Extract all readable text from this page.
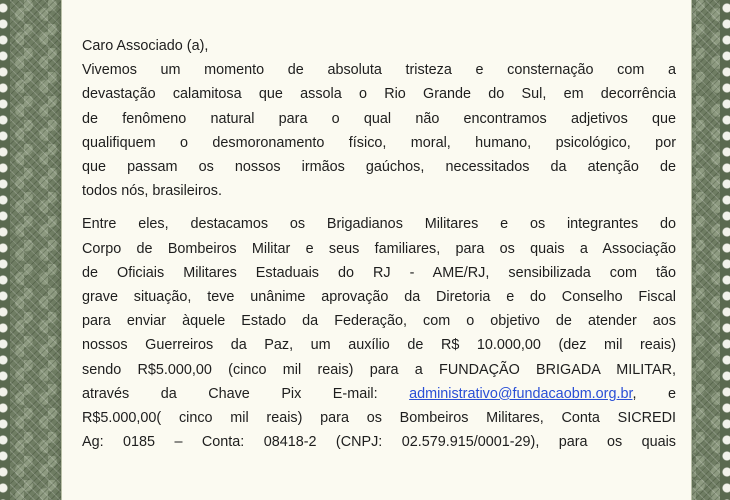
Caro Associado (a),

Vivemos um momento de absoluta tristeza e consternação com a
devastação calamitosa que assola o Rio Grande do Sul, em decorrência
de fenômeno natural para o qual não encontramos adjetivos que
qualifiquem o desmoronamento físico, moral, humano, psicológico, por
que passam os nossos irmãos gaúchos, necessitados da atenção de
todos nós, brasileiros.

Entre eles, destacamos os Brigadianos Militares e os integrantes do
Corpo de Bombeiros Militar e seus familiares, para os quais a Associação
de Oficiais Militares Estaduais do RJ - AME/RJ, sensibilizada com tão
grave situação, teve unânime aprovação da Diretoria e do Conselho Fiscal
para enviar àquele Estado da Federação, com o objetivo de atender aos
nossos Guerreiros da Paz, um auxílio de R$ 10.000,00 (dez mil reais)
sendo R$5.000,00 (cinco mil reais) para a FUNDAÇÃO BRIGADA MILITAR,
através da Chave Pix E-mail: administrativo@fundacaobm.org.br, e
R$5.000,00( cinco mil reais) para os Bombeiros Militares, Conta SICREDI
Ag: 0185 – Conta: 08418-2 (CNPJ: 02.579.915/0001-29), para os quais
